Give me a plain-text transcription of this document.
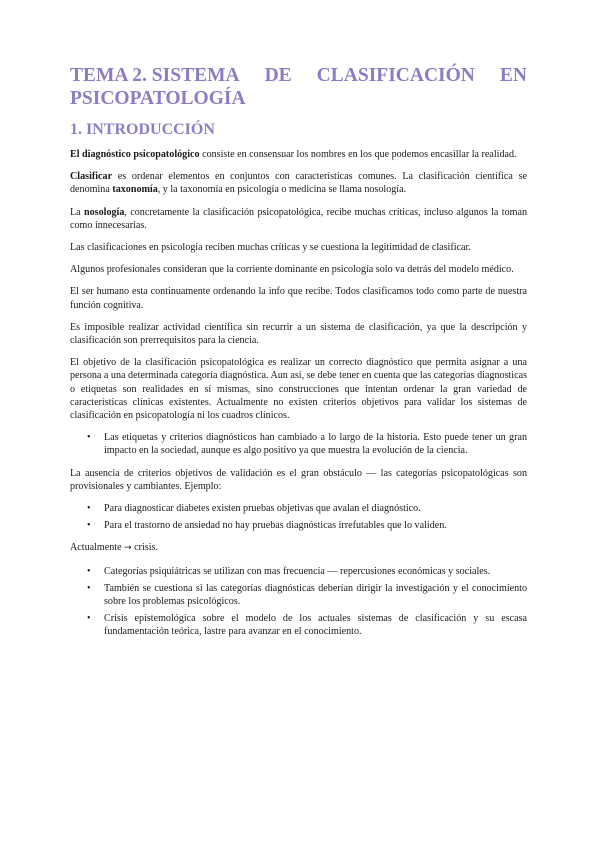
TEMA 2. SISTEMA DE CLASIFICACIÓN EN
PSICOPATOLOGÍA
1. INTRODUCCIÓN

El diagnóstico psicopatológico consiste en consensuar los nombres en los que podemos encasillar la realidad.

Clasificar es ordenar elementos en conjuntos con características comunes. La clasificación científica se denomina taxonomía, y la taxonomía en psicología o medicina se llama nosología.

La nosología, concretamente la clasificación psicopatológica, recibe muchas críticas, incluso algunos la toman como innecesarias.

Las clasificaciones en psicología reciben muchas críticas y se cuestiona la legitimidad de clasificar.

Algunos profesionales consideran que la corriente dominante en psicología solo va detrás del modelo médico.

El ser humano esta continuamente ordenando la info que recibe. Todos clasificamos todo como parte de nuestra función cognitiva.

Es imposible realizar actividad científica sin recurrir a un sistema de clasificación, ya que la descripción y clasificación son prerrequisitos para la ciencia.

El objetivo de la clasificación psicopatológica es realizar un correcto diagnóstico que permita asignar a una persona a una determinada categoría diagnóstica. Aun así, se debe tener en cuenta que las categorías diagnosticas o etiquetas son realidades en sí mismas, sino construcciones que intentan ordenar la gran variedad de características clínicas existentes. Actualmente no existen criterios objetivos para validar los sistemas de clasificación en psicopatología ni los cuadros clínicos.

• Las etiquetas y criterios diagnósticos han cambiado a lo largo de la historia. Esto puede tener un gran impacto en la sociedad, aunque es algo positivo ya que muestra la evolución de la ciencia.

La ausencia de criterios objetivos de validación es el gran obstáculo — las categorías psicopatológicas son provisionales y cambiantes. Ejemplo:

• Para diagnosticar diabetes existen pruebas objetivas que avalan el diagnóstico.
• Para el trastorno de ansiedad no hay pruebas diagnósticas irrefutables que lo validen.

Actualmente → crisis.

• Categorías psiquiátricas se utilizan con mas frecuencia — repercusiones económicas y sociales.
• También se cuestiona si las categorías diagnósticas deberían dirigir la investigación y el conocimiento sobre los problemas psicológicos.
• Crisis epistemológica sobre el modelo de los actuales sistemas de clasificación y su escasa fundamentación teórica, lastre para avanzar en el conocimiento.
